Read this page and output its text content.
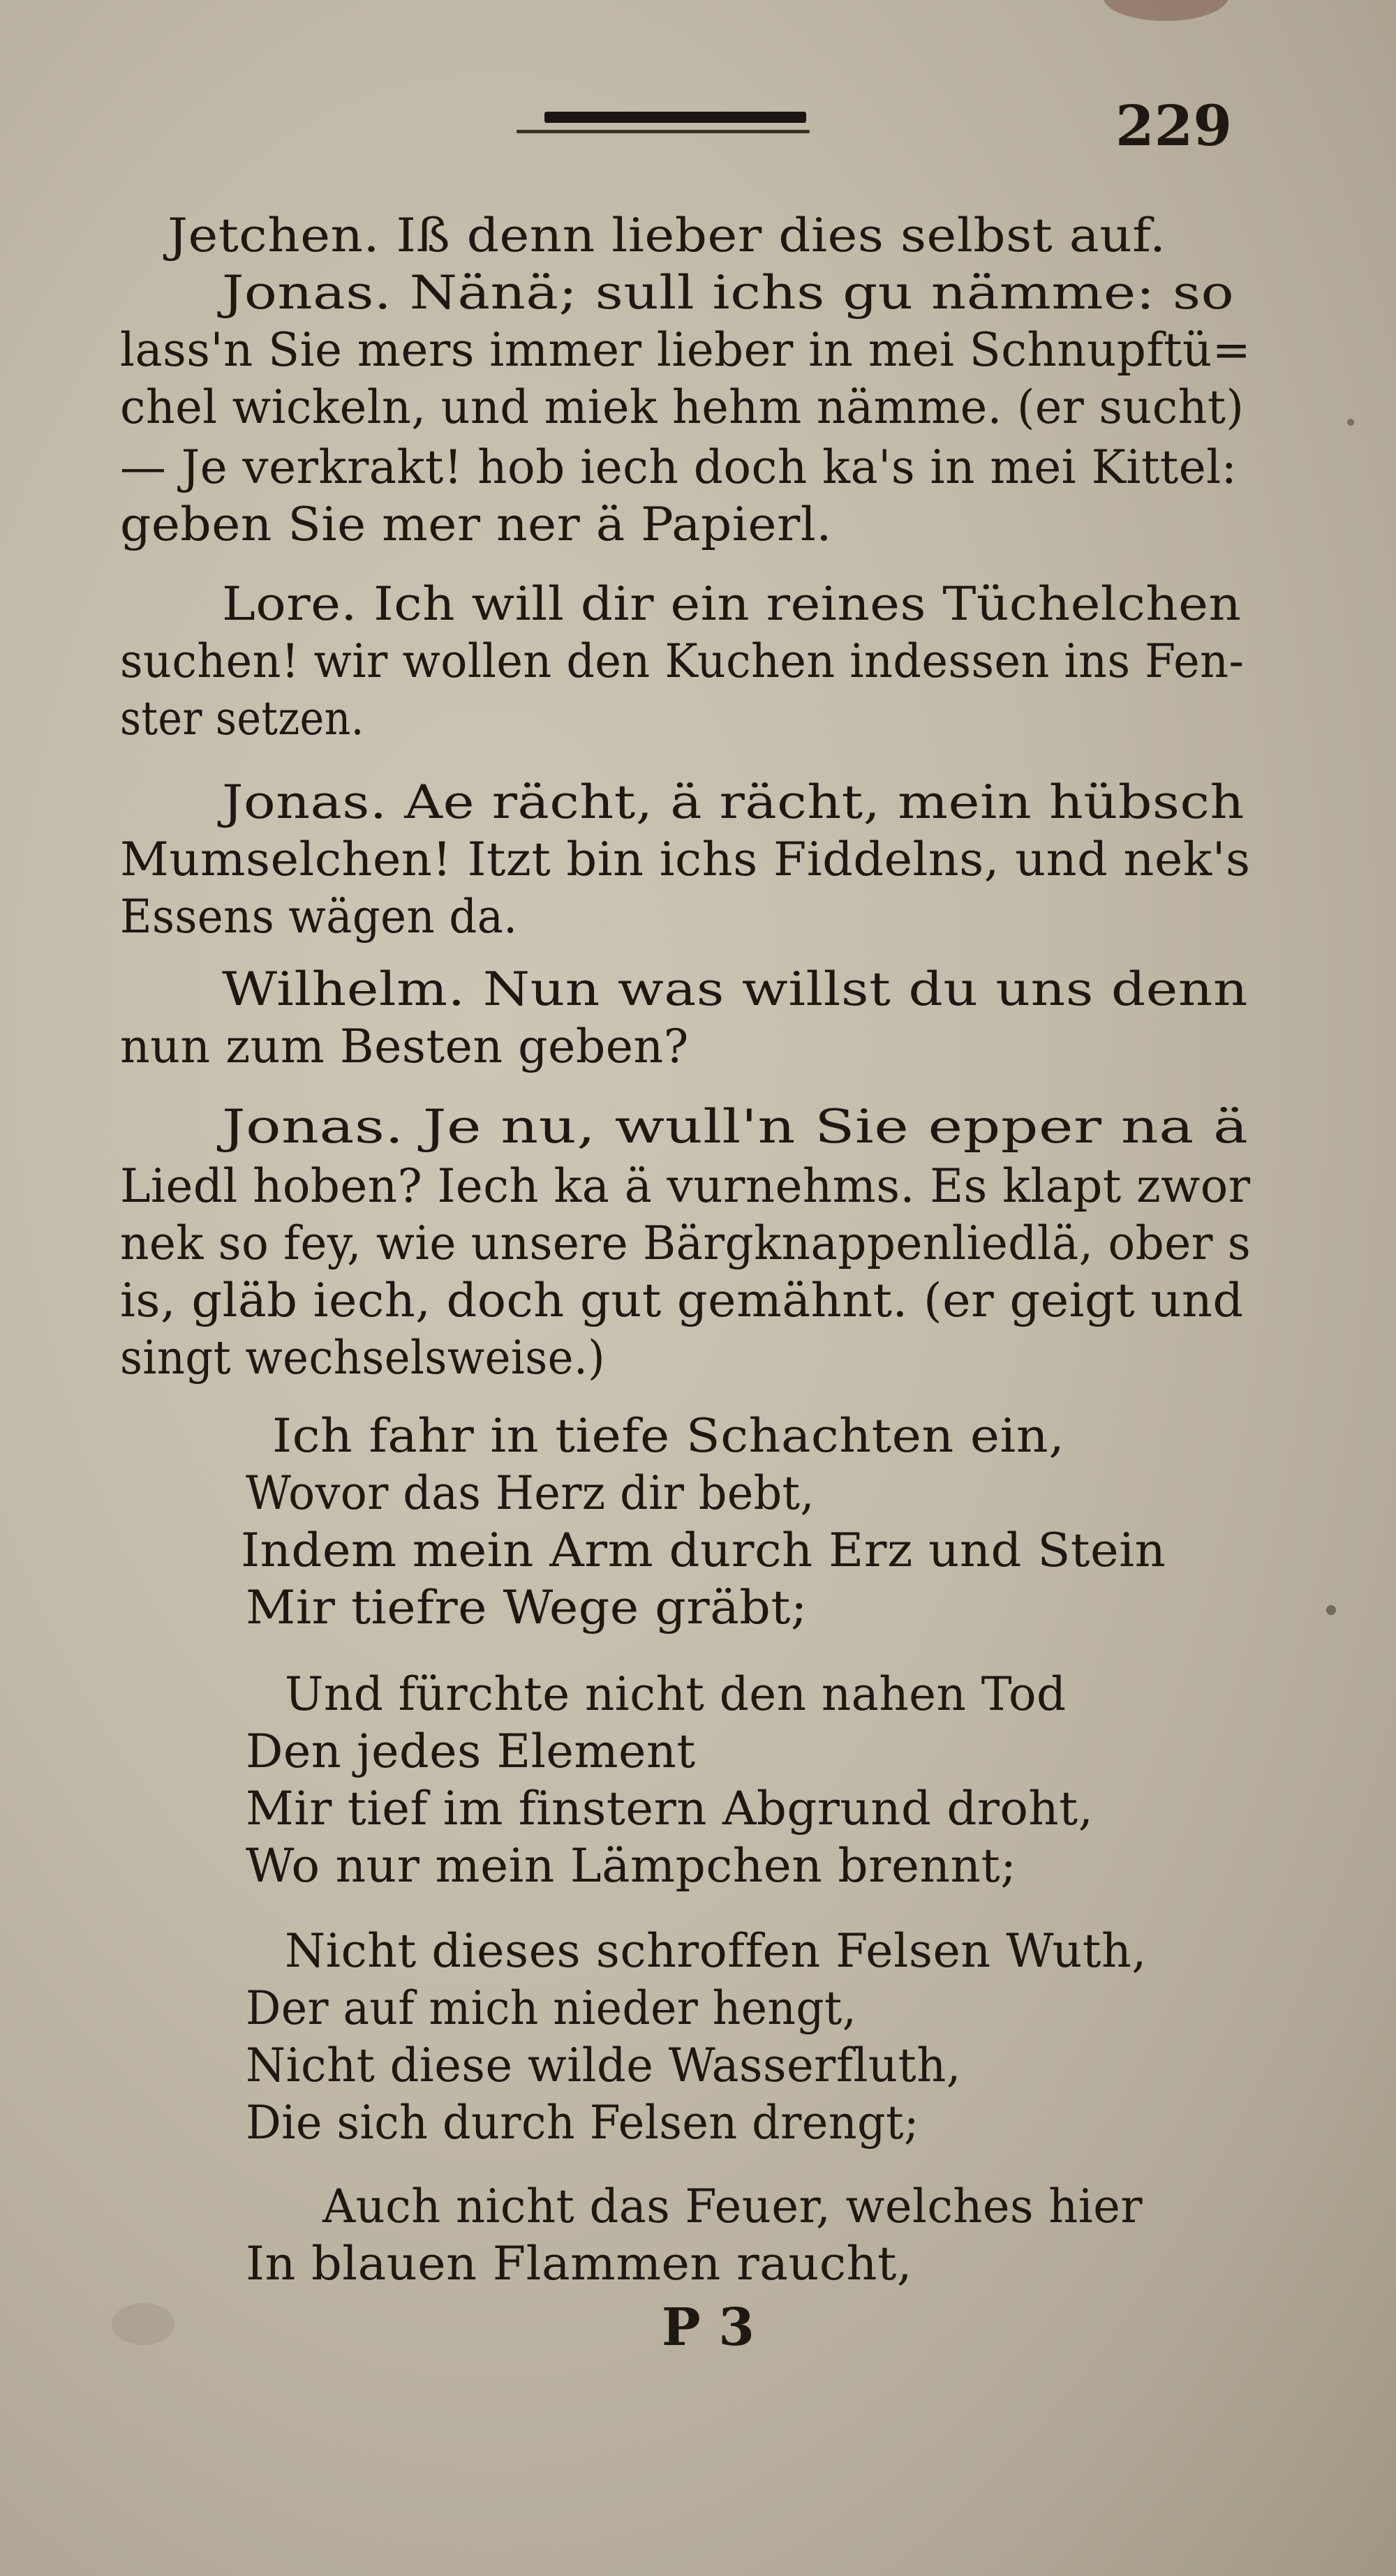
229
Jetchen. Iß denn lieber dies selbst auf.
Jonas. Nänä; sull ichs gu nämme: so
lass'n Sie mers immer lieber in mei Schnupftü=
chel wickeln, und miek hehm nämme. (er sucht)
— Je verkrakt! hob iech doch ka's in mei Kittel:
geben Sie mer ner ä Papierl.
Lore. Ich will dir ein reines Tüchelchen
suchen! wir wollen den Kuchen indessen ins Fen-
ster setzen.
Jonas. Ae rächt, ä rächt, mein hübsch
Mumselchen! Itzt bin ichs Fiddelns, und nek's
Essens wägen da.
Wilhelm. Nun was willst du uns denn
nun zum Besten geben?
Jonas. Je nu, wull'n Sie epper na ä
Liedl hoben? Iech ka ä vurnehms. Es klapt zwor
nek so fey, wie unsere Bärgknappenliedlä, ober s
is, gläb iech, doch gut gemähnt. (er geigt und
singt wechselsweise.)
Ich fahr in tiefe Schachten ein,
Wovor das Herz dir bebt,
Indem mein Arm durch Erz und Stein
Mir tiefre Wege gräbt;
Und fürchte nicht den nahen Tod
Den jedes Element
Mir tief im finstern Abgrund droht,
Wo nur mein Lämpchen brennt;
Nicht dieses schroffen Felsen Wuth,
Der auf mich nieder hengt,
Nicht diese wilde Wasserfluth,
Die sich durch Felsen drengt;
Auch nicht das Feuer, welches hier
In blauen Flammen raucht,
P 3
